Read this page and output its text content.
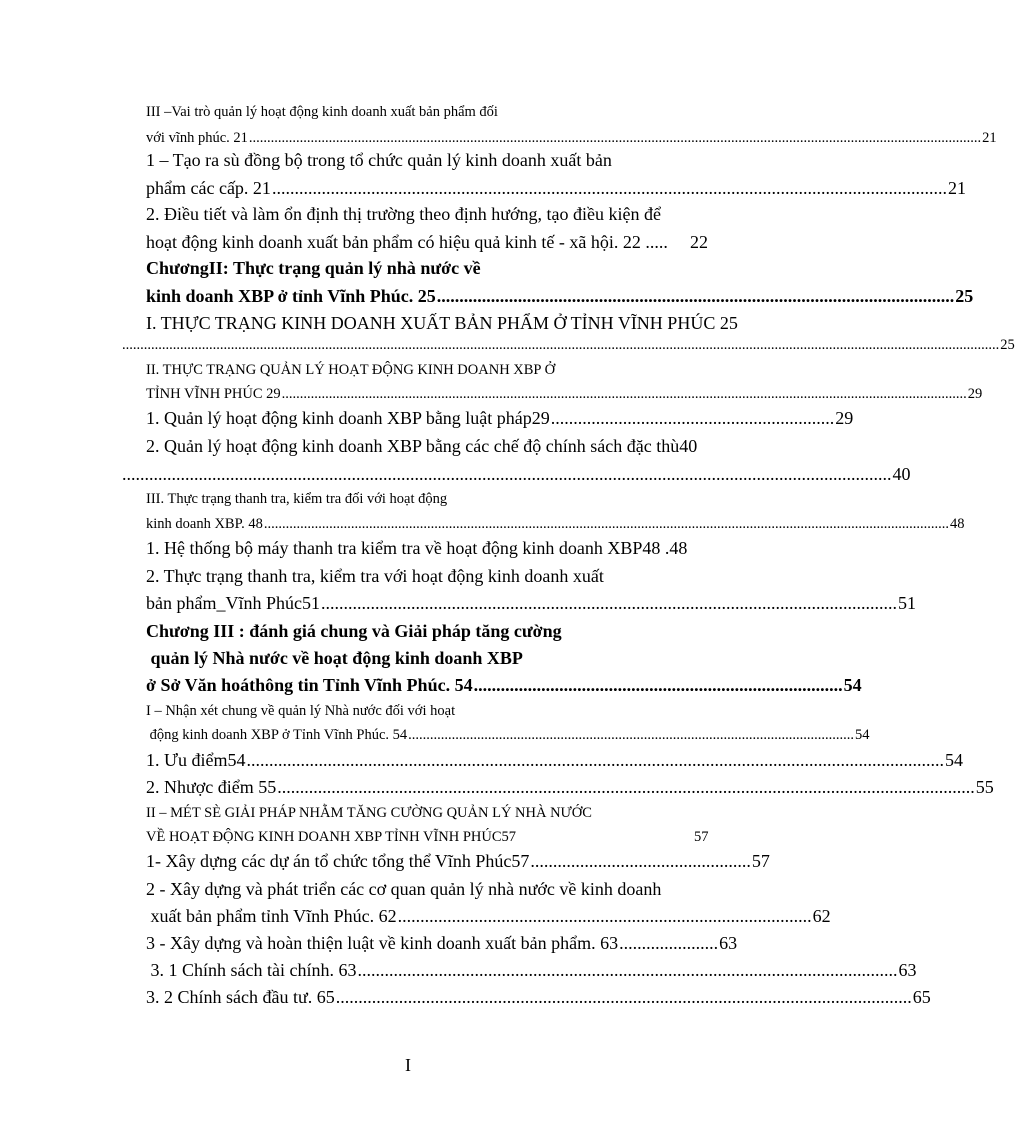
III –Vai trò quản lý hoạt động kinh doanh xuất bản phẩm đối
với vĩnh phúc. 21 .......................................................................................................................................................................................................... 21
1 – Tạo ra sù đồng bộ trong tổ chức quản lý kinh doanh xuất bản
phẩm các cấp. 21 ...................................................................................................................................................... 21
2. Điều tiết và làm ổn định thị trường theo định hướng, tạo điều kiện để
hoạt động kinh doanh xuất bản phẩm có hiệu quả kinh tế - xã hội. 22 ..... 22
ChươngII: Thực trạng quản lý nhà nước về
kinh doanh XBP ở tỉnh Vĩnh Phúc. 25 ................................................................................................................... 25
I. THỰC TRẠNG KINH DOANH XUẤT BẢN PHẨM Ở TỈNH VĨNH PHÚC 25
.................................................................................................................................................................................................................................................. 25
II. THỰC TRẠNG QUẢN LÝ HOẠT ĐỘNG KINH DOANH XBP Ở
TỈNH VĨNH PHÚC 29 ............................................................................................................................................................................................. 29
1. Quản lý hoạt động kinh doanh XBP bằng luật pháp29 ............................................................... 29
2. Quản lý hoạt động kinh doanh XBP bằng các chế độ chính sách đặc thù40
........................................................................................................................................................................... 40
III. Thực trạng thanh tra, kiểm tra đối với hoạt động
kinh doanh XBP. 48 ............................................................................................................................................................................................. 48
1. Hệ thống bộ máy thanh tra kiểm tra về hoạt động kinh doanh XBP48 .48
2. Thực trạng thanh tra, kiểm tra với hoạt động kinh doanh xuất
bản phẩm_Vĩnh Phúc51 ................................................................................................................................ 51
Chương III : đánh giá chung và Giải pháp tăng cường
quản lý Nhà nước về hoạt động kinh doanh XBP
ở Sở Văn hoáthông tin Tỉnh Vĩnh Phúc. 54 .................................................................................. 54
I – Nhận xét chung về quản lý Nhà nước đối với hoạt
động kinh doanh XBP ở Tỉnh Vĩnh Phúc. 54 ........................................................................................................................... 54
1. Ưu điểm54 ........................................................................................................................................................... 54
2. Nhược điểm 55 ........................................................................................................................................................... 55
II – MÉT SÈ GIẢI PHÁP NHẰM TĂNG CƯỜNG QUẢN LÝ NHÀ NƯỚC
VỀ HOẠT ĐỘNG KINH DOANH XBP TỈNH VĨNH PHÚC57	57
1- Xây dựng các dự án tổ chức tổng thể Vĩnh Phúc57 ................................................. 57
2 - Xây dựng và phát triển các cơ quan quản lý nhà nước về kinh doanh
xuất bản phẩm tỉnh Vĩnh Phúc. 62 ............................................................................................ 62
3 - Xây dựng và hoàn thiện luật về kinh doanh xuất bản phẩm. 63 ...................... 63
3. 1 Chính sách tài chính. 63 ........................................................................................................................ 63
3. 2 Chính sách đầu tư. 65 ................................................................................................................................ 65
I
